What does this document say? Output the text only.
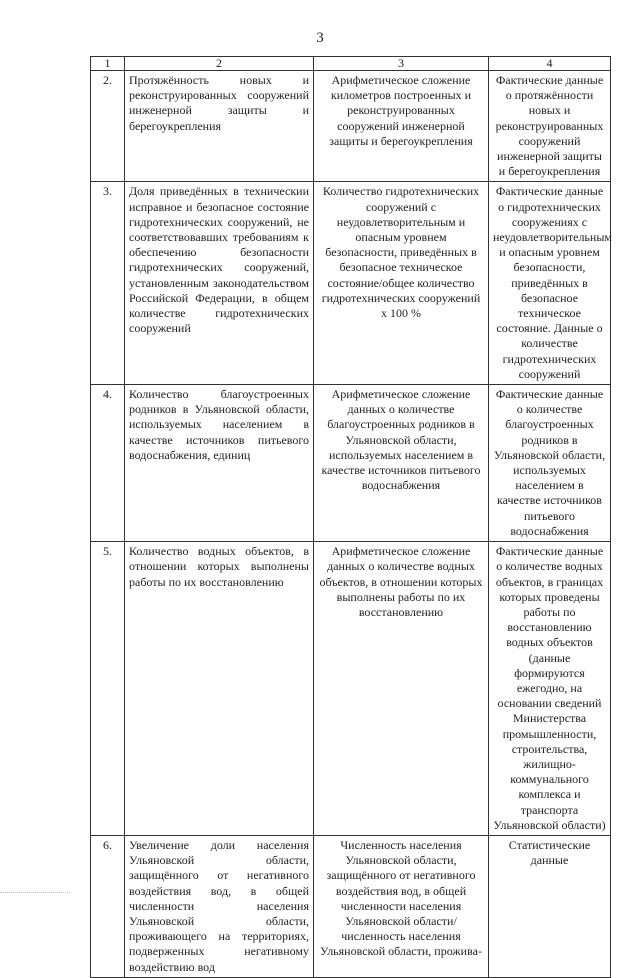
3
1	2	3	4
2.	Протяжённость новых и реконструированных сооружений инженерной защиты и берегоукрепления	Арифметическое сложение километров построенных и реконструированных сооружений инженерной защиты и берегоукрепления	Фактические данные о протяжённости новых и реконструированных сооружений инженерной защиты и берегоукрепления
3.	Доля приведённых в техническии исправное и безопасное состояние гидротехнических сооружений, не соответствовавших требованиям к обеспечению безопасности гидротехнических сооружений, установленным законодательством Российской Федерации, в общем количестве гидротехнических сооружений	Количество гидротехнических сооружений с неудовлетворительным и опасным уровнем безопасности, приведённых в безопасное техническое состояние/общее количество гидротехнических сооружений x 100 %	Фактические данные о гидротехнических сооружениях с неудовлетворительным и опасным уровнем безопасности, приведённых в безопасное техническое состояние. Данные о количестве гидротехнических сооружений
4.	Количество благоустроенных родников в Ульяновской области, используемых населением в качестве источников питьевого водоснабжения, единиц	Арифметическое сложение данных о количестве благоустроенных родников в Ульяновской области, используемых населением в качестве источников питьевого водоснабжения	Фактические данные о количестве благоустроенных родников в Ульяновской области, используемых населением в качестве источников питьевого водоснабжения
5.	Количество водных объектов, в отношении которых выполнены работы по их восстановлению	Арифметическое сложение данных о количестве водных объектов, в отношении которых выполнены работы по их восстановлению	Фактические данные о количестве водных объектов, в границах которых проведены работы по восстановлению водных объектов (данные формируются ежегодно, на основании сведений Министерства промышленности, строительства, жилищно-коммунального комплекса и транспорта Ульяновской области)
6.	Увеличение доли населения Ульяновской области, защищённого от негативного воздействия вод, в общей численности населения Ульяновской области, проживающего на территориях, подверженных негативному воздействию вод	Численность населения Ульяновской области, защищённого от негативного воздействия вод, в общей численности населения Ульяновской области/ численность населения Ульяновской области, прожива-	Статистические данные
